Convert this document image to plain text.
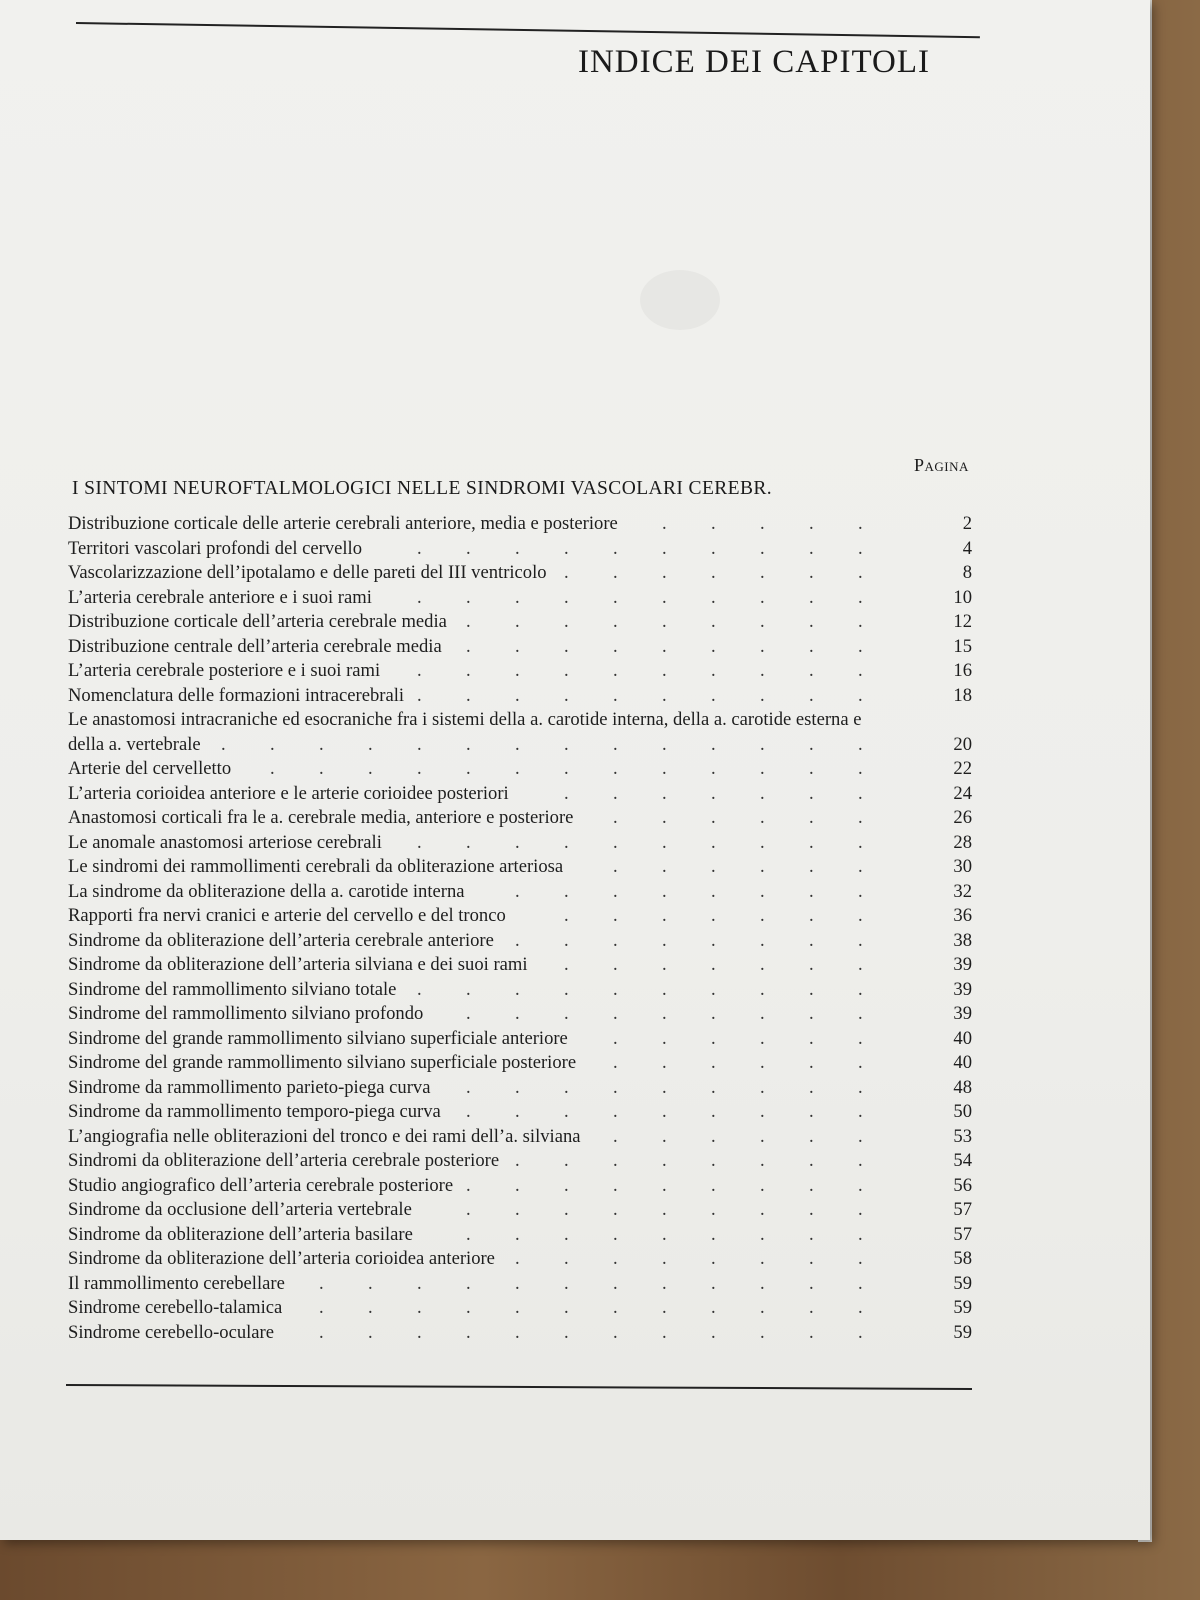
INDICE DEI CAPITOLI
Pagina
I SINTOMI NEUROFTALMOLOGICI NELLE SINDROMI VASCOLARI CEREBR.
Distribuzione corticale delle arterie cerebrali anteriore, media e posteriore	. . . . .	2
Territori vascolari profondi del cervello	. . . . . . . . . .	4
Vascolarizzazione dell’ipotalamo e delle pareti del III ventricolo . . . . . . .	8
L’arteria cerebrale anteriore e i suoi rami	. . . . . . . . . .	10
Distribuzione corticale dell’arteria cerebrale media	. . . . . . . . .	12
Distribuzione centrale dell’arteria cerebrale media	. . . . . . . . .	15
L’arteria cerebrale posteriore e i suoi rami	. . . . . . . . . .	16
Nomenclatura delle formazioni intracerebrali . . . . . . . . . .	18
Le anastomosi intracraniche ed esocraniche fra i sistemi della a. carotide interna, della a. carotide esterna e della a. vertebrale	. . . . . . . . . . . . . .	20
Arterie del cervelletto	. . . . . . . . . . . . .	22
L’arteria corioidea anteriore e le arterie corioidee posteriori	. . . . . . .	24
Anastomosi corticali fra le a. cerebrale media, anteriore e posteriore	. . . . . .	26
Le anomale anastomosi arteriose cerebrali	. . . . . . . . . .	28
Le sindromi dei rammollimenti cerebrali da obliterazione arteriosa	. . . . . .	30
La sindrome da obliterazione della a. carotide interna	. . . . . . . .	32
Rapporti fra nervi cranici e arterie del cervello e del tronco	. . . . . . .	36
Sindrome da obliterazione dell’arteria cerebrale anteriore	. . . . . . . .	38
Sindrome da obliterazione dell’arteria silviana e dei suoi rami	. . . . . . .	39
Sindrome del rammollimento silviano totale	. . . . . . . . . .	39
Sindrome del rammollimento silviano profondo	. . . . . . . . .	39
Sindrome del grande rammollimento silviano superficiale anteriore	. . . . . .	40
Sindrome del grande rammollimento silviano superficiale posteriore	. . . . . .	40
Sindrome da rammollimento parieto-piega curva	. . . . . . . . .	48
Sindrome da rammollimento temporo-piega curva	. . . . . . . . .	50
L’angiografia nelle obliterazioni del tronco e dei rami dell’a. silviana	. . . . . .	53
Sindromi da obliterazione dell’arteria cerebrale posteriore . . . . . . . .	54
Studio angiografico dell’arteria cerebrale posteriore . . . . . . . . .	56
Sindrome da occlusione dell’arteria vertebrale	. . . . . . . . .	57
Sindrome da obliterazione dell’arteria basilare	. . . . . . . . .	57
Sindrome da obliterazione dell’arteria corioidea anteriore	. . . . . . . .	58
Il rammollimento cerebellare	. . . . . . . . . . . .	59
Sindrome cerebello-talamica	. . . . . . . . . . . .	59
Sindrome cerebello-oculare	. . . . . . . . . . . .	59
